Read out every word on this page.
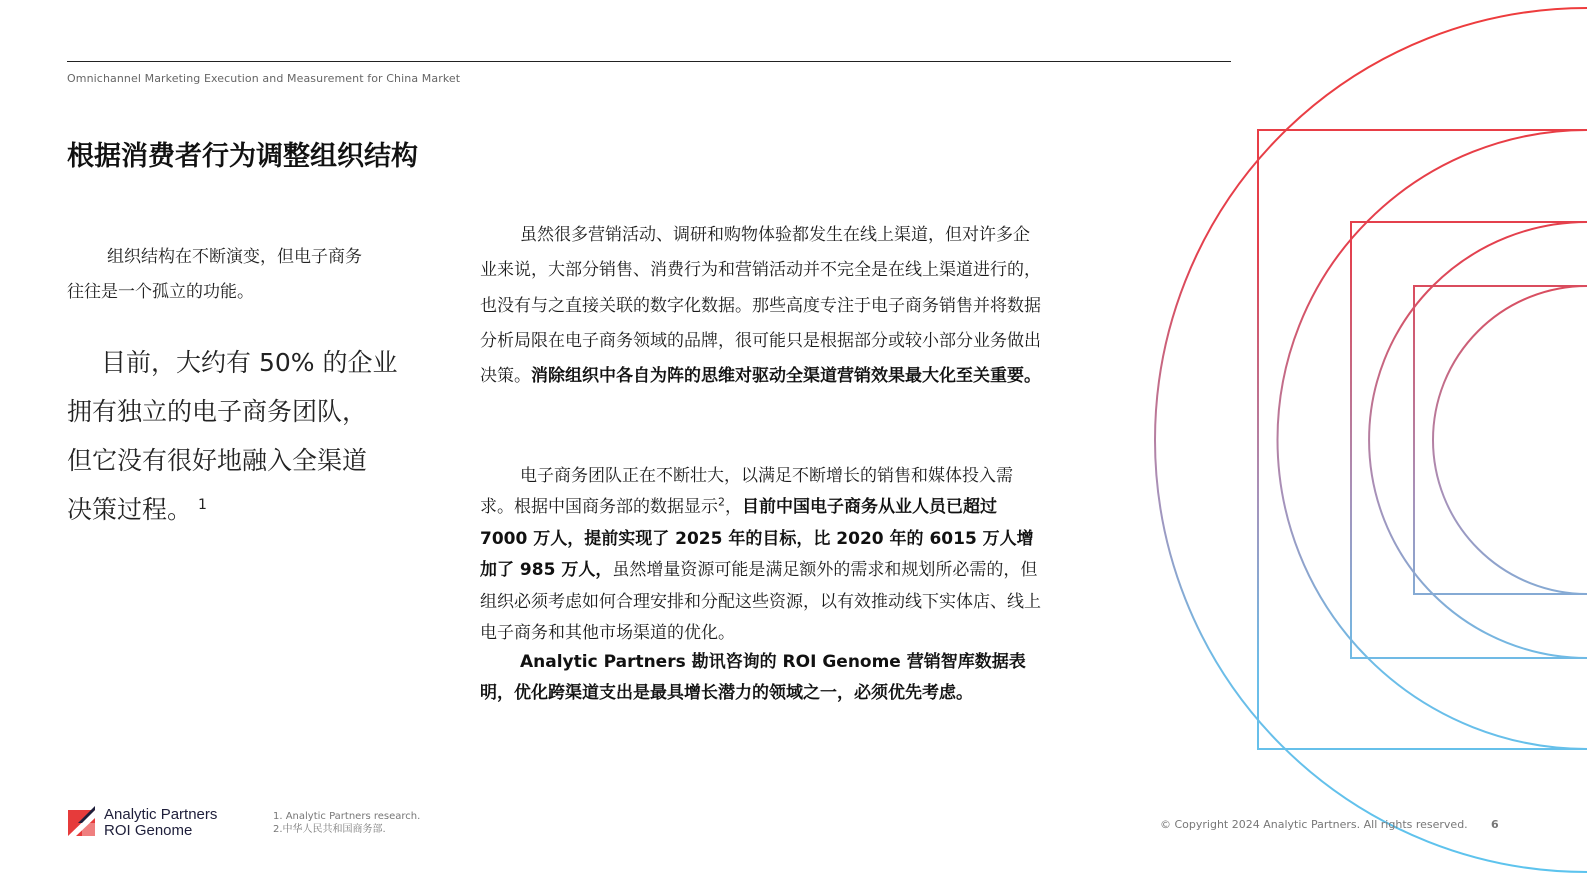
Omnichannel Marketing Execution and Measurement for China Market
根据消费者行为调整组织结构

组织结构在不断演变，但电子商务

往往是一个孤立的功能。

目前，大约有 50% 的企业

拥有独立的电子商务团队，

但它没有很好地融入全渠道

决策过程。 $^1$

虽然很多营销活动、调研和购物体验都发生在线上渠道，但对许多企业来说，大部分销售、消费行为和营销活动并不完全是在线上渠道进行的，也没有与之直接关联的数字化数据。那些高度专注于电子商务销售并将数据分析局限在电子商务领域的品牌，很可能只是根据部分或较小部分业务做出决策。消除组织中各自为阵的思维对驱动全渠道营销效果最大化至关重要。

电子商务团队正在不断壮大，以满足不断增长的销售和媒体投入需求。根据中国商务部的数据显示$^2$，目前中国电子商务从业人员已超过 7000 万人，提前实现了 2025 年的目标，比 2020 年的 6015 万人增加了 985 万人，虽然增量资源可能是满足额外的需求和规划所必需的，但组织必须考虑如何合理安排和分配这些资源，以有效推动线下实体店、线上电子商务和其他市场渠道的优化。

Analytic Partners 勘讯咨询的 ROI Genome 营销智库数据表明，优化跨渠道支出是最具增长潜力的领域之一，必须优先考虑。

Analytic Partners
ROI Genome
1. Analytic Partners research.
2.中华人民共和国商务部.	© Copyright 2024 Analytic Partners. All rights reserved. 6
